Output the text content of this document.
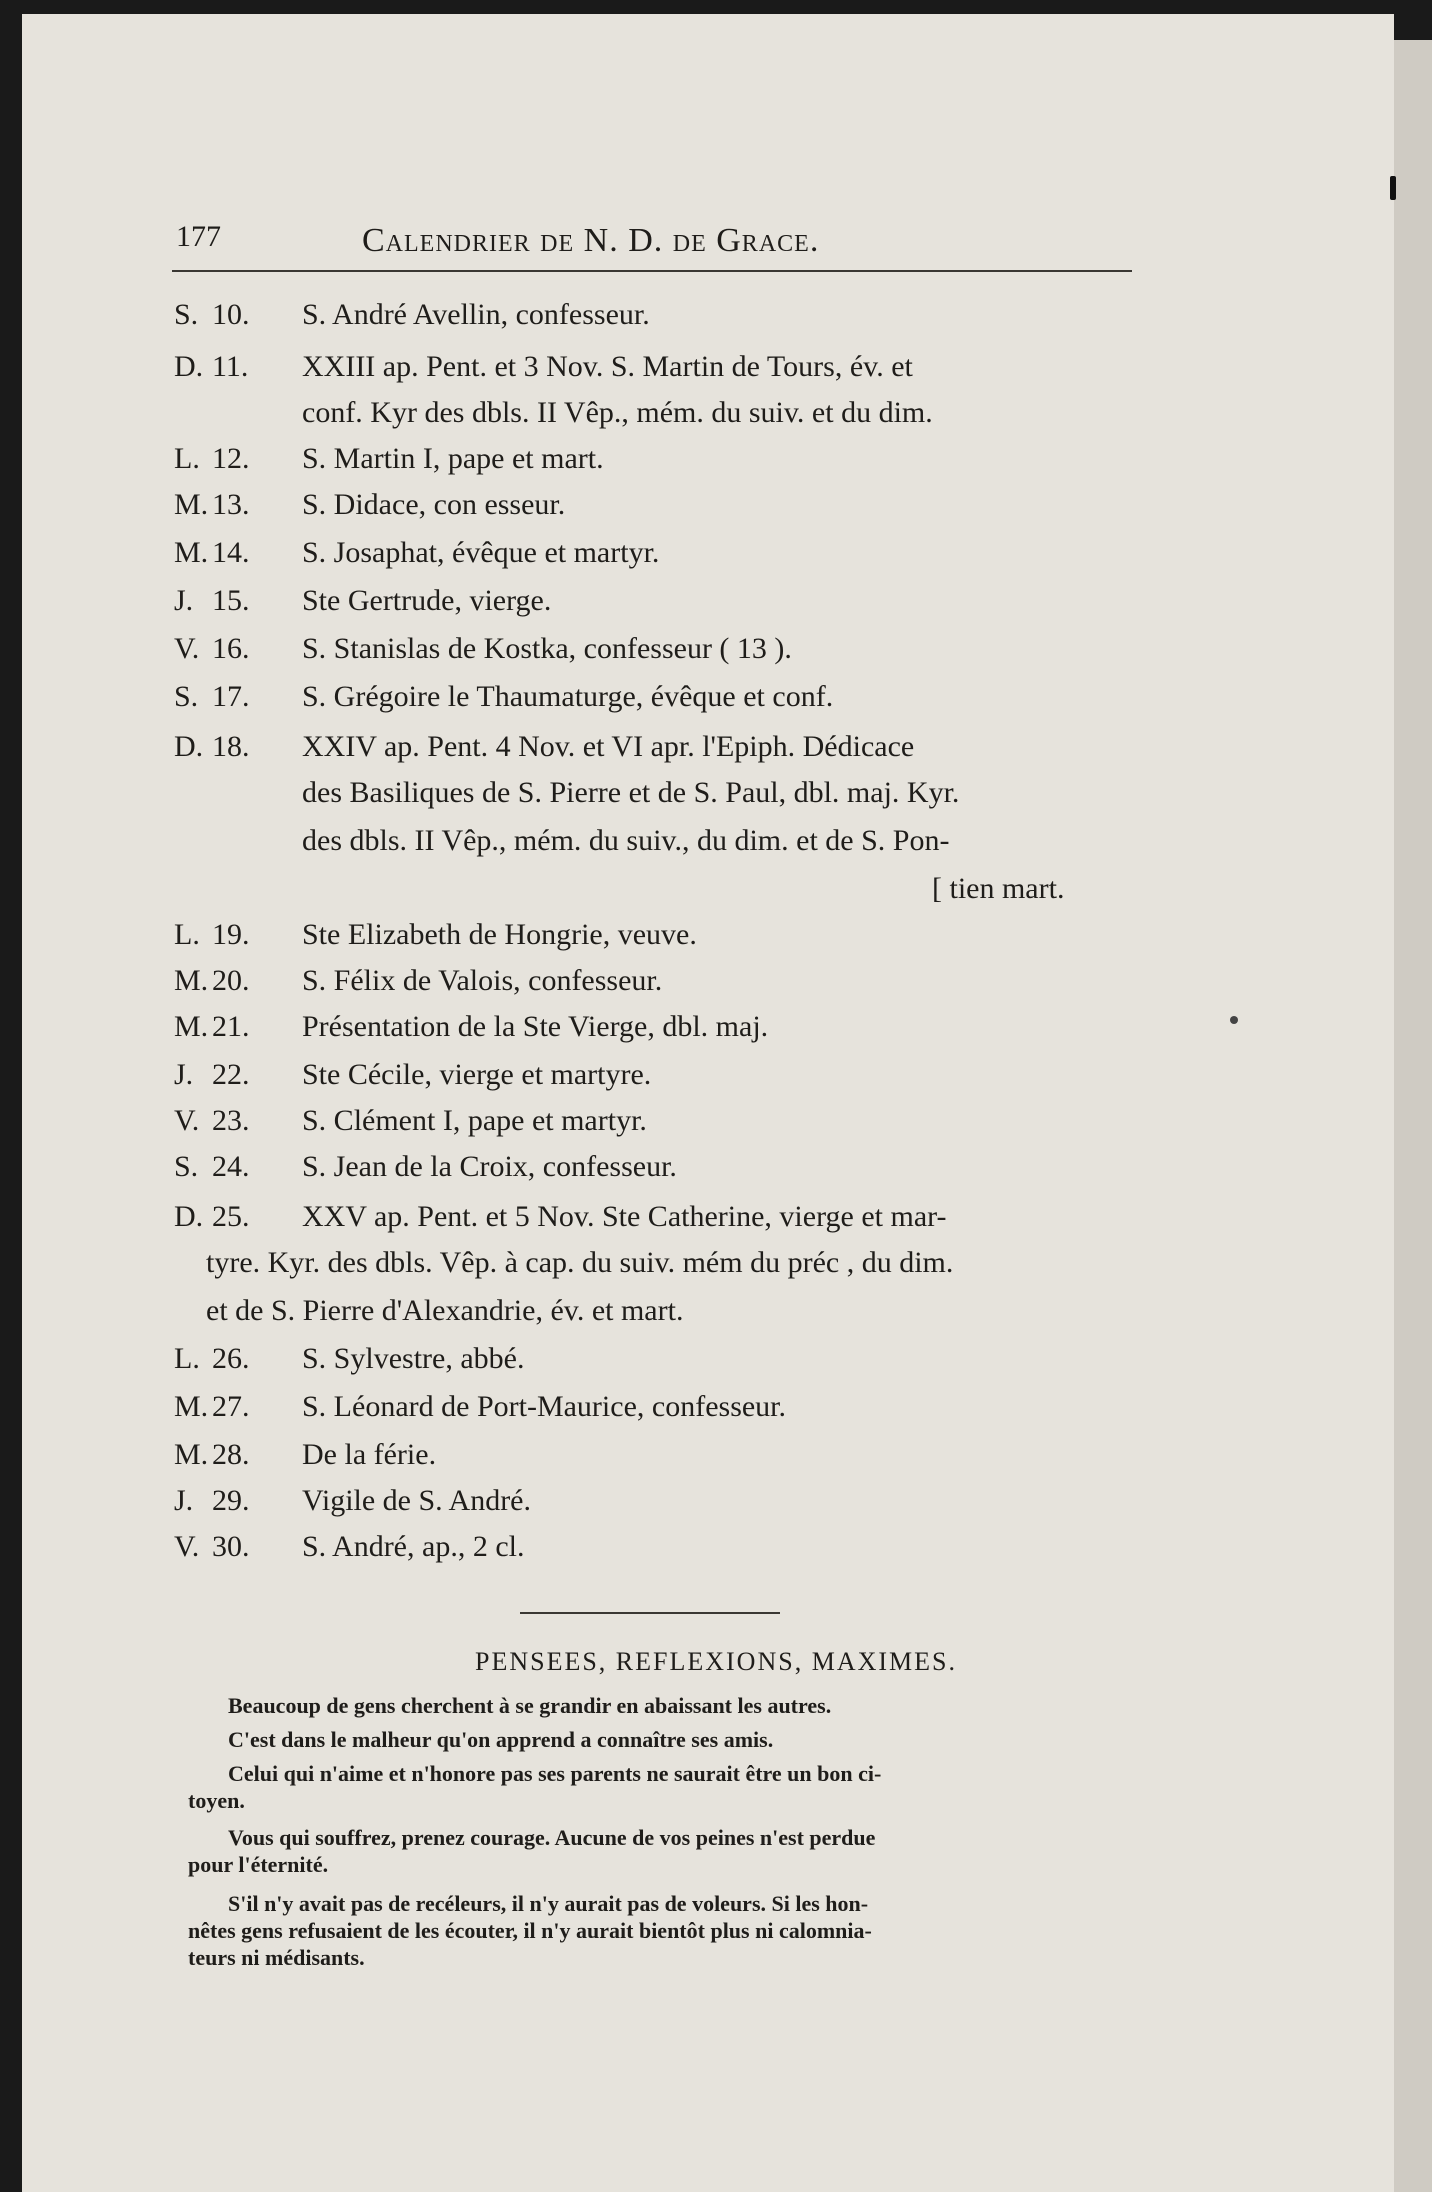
177	Calendrier de N. D. de Grace.
S. 10. S. André Avellin, confesseur.
D. 11. XXIII ap. Pent. et 3 Nov. S. Martin de Tours, év. et
conf. Kyr des dbls. II Vêp., mém. du suiv. et du dim.
L. 12. S. Martin I, pape et mart.
M. 13. S. Didace, con esseur.
M. 14. S. Josaphat, évêque et martyr.
J. 15. Ste Gertrude, vierge.
V. 16. S. Stanislas de Kostka, confesseur ( 13 ).
S. 17. S. Grégoire le Thaumaturge, évêque et conf.
D. 18. XXIV ap. Pent. 4 Nov. et VI apr. l'Epiph. Dédicace
des Basiliques de S. Pierre et de S. Paul, dbl. maj. Kyr.
des dbls. II Vêp., mém. du suiv., du dim. et de S. Pon-
[ tien mart.
L. 19. Ste Elizabeth de Hongrie, veuve.
M. 20. S. Félix de Valois, confesseur.
M. 21. Présentation de la Ste Vierge, dbl. maj.
J. 22. Ste Cécile, vierge et martyre.
V. 23. S. Clément I, pape et martyr.
S. 24. S. Jean de la Croix, confesseur.
D. 25. XXV ap. Pent. et 5 Nov. Ste Catherine, vierge et mar-
tyre. Kyr. des dbls. Vêp. à cap. du suiv. mém du préc , du dim.
et de S. Pierre d'Alexandrie, év. et mart.
L. 26. S. Sylvestre, abbé.
M. 27. S. Léonard de Port-Maurice, confesseur.
M. 28. De la férie.
J. 29. Vigile de S. André.
V. 30. S. André, ap., 2 cl.
PENSEES, REFLEXIONS, MAXIMES.
Beaucoup de gens cherchent à se grandir en abaissant les autres.
C'est dans le malheur qu'on apprend a connaître ses amis.
Celui qui n'aime et n'honore pas ses parents ne saurait être un bon ci-
toyen.
Vous qui souffrez, prenez courage. Aucune de vos peines n'est perdue
pour l'éternité.
S'il n'y avait pas de recéleurs, il n'y aurait pas de voleurs. Si les hon-
nêtes gens refusaient de les écouter, il n'y aurait bientôt plus ni calomnia-
teurs ni médisants.
